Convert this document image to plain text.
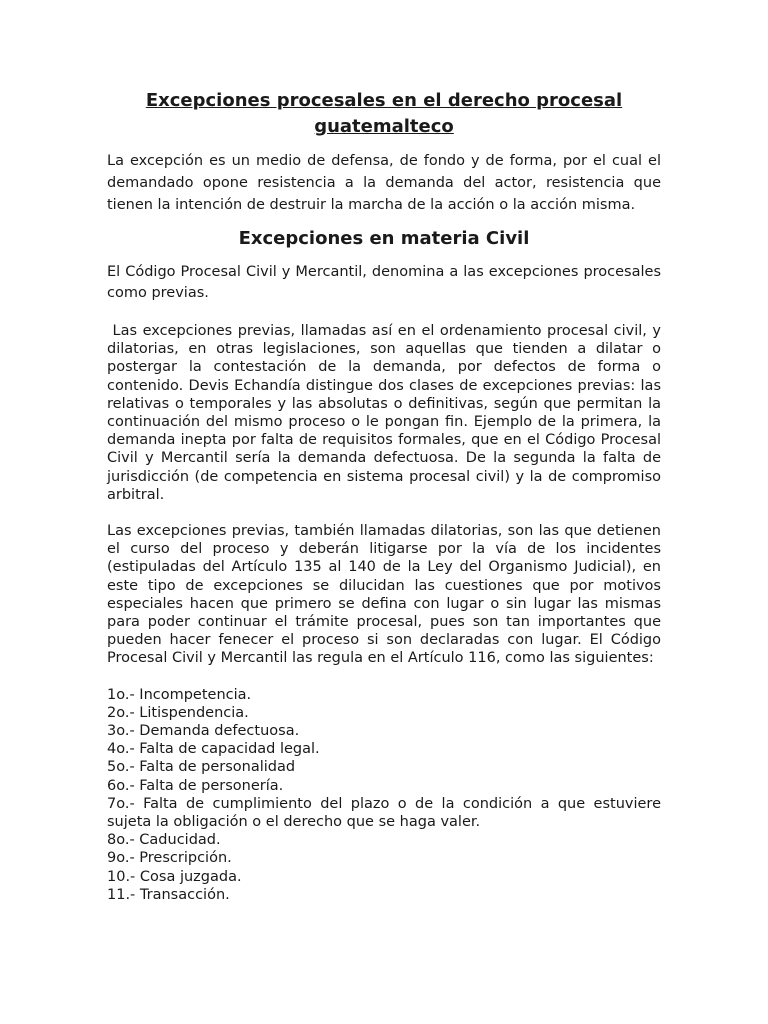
Excepciones procesales en el derecho procesal guatemalteco

La excepción es un medio de defensa, de fondo y de forma, por el cual el demandado opone resistencia a la demanda del actor, resistencia que tienen la intención de destruir la marcha de la acción o la acción misma.

Excepciones en materia Civil

El Código Procesal Civil y Mercantil, denomina a las excepciones procesales como previas.

Las excepciones previas, llamadas así en el ordenamiento procesal civil, y dilatorias, en otras legislaciones, son aquellas que tienden a dilatar o postergar la contestación de la demanda, por defectos de forma o contenido. Devis Echandía distingue dos clases de excepciones previas: las relativas o temporales y las absolutas o definitivas, según que permitan la continuación del mismo proceso o le pongan fin. Ejemplo de la primera, la demanda inepta por falta de requisitos formales, que en el Código Procesal Civil y Mercantil sería la demanda defectuosa. De la segunda la falta de jurisdicción (de competencia en sistema procesal civil) y la de compromiso arbitral.

Las excepciones previas, también llamadas dilatorias, son las que detienen el curso del proceso y deberán litigarse por la vía de los incidentes (estipuladas del Artículo 135 al 140 de la Ley del Organismo Judicial), en este tipo de excepciones se dilucidan las cuestiones que por motivos especiales hacen que primero se defina con lugar o sin lugar las mismas para poder continuar el trámite procesal, pues son tan importantes que pueden hacer fenecer el proceso si son declaradas con lugar. El Código Procesal Civil y Mercantil las regula en el Artículo 116, como las siguientes:

1o.- Incompetencia.
2o.- Litispendencia.
3o.- Demanda defectuosa.
4o.- Falta de capacidad legal.
5o.- Falta de personalidad
6o.- Falta de personería.
7o.- Falta de cumplimiento del plazo o de la condición a que estuviere sujeta la obligación o el derecho que se haga valer.
8o.- Caducidad.
9o.- Prescripción.
10.- Cosa juzgada.
11.- Transacción.
